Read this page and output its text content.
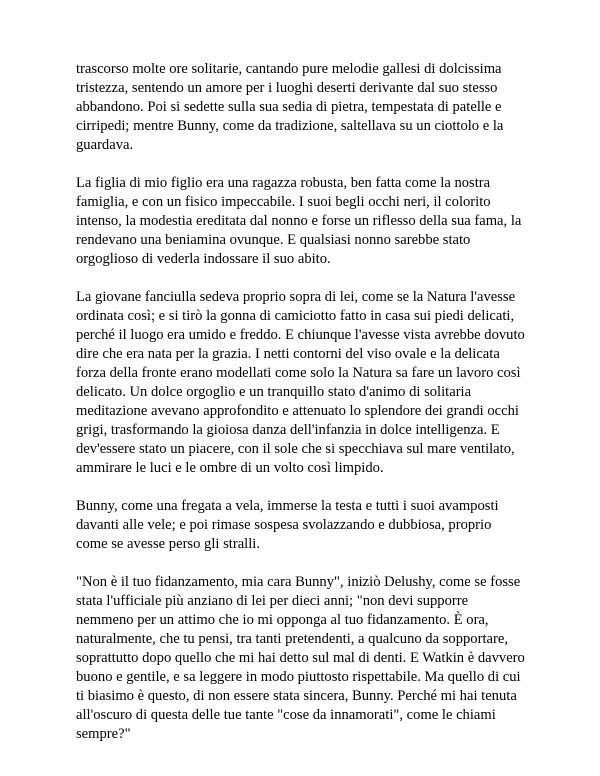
trascorso molte ore solitarie, cantando pure melodie gallesi di dolcissima tristezza, sentendo un amore per i luoghi deserti derivante dal suo stesso abbandono. Poi si sedette sulla sua sedia di pietra, tempestata di patelle e cirripedi; mentre Bunny, come da tradizione, saltellava su un ciottolo e la guardava.

La figlia di mio figlio era una ragazza robusta, ben fatta come la nostra famiglia, e con un fisico impeccabile. I suoi begli occhi neri, il colorito intenso, la modestia ereditata dal nonno e forse un riflesso della sua fama, la rendevano una beniamina ovunque. E qualsiasi nonno sarebbe stato orgoglioso di vederla indossare il suo abito.

La giovane fanciulla sedeva proprio sopra di lei, come se la Natura l'avesse ordinata così; e si tirò la gonna di camiciotto fatto in casa sui piedi delicati, perché il luogo era umido e freddo. E chiunque l'avesse vista avrebbe dovuto dire che era nata per la grazia. I netti contorni del viso ovale e la delicata forza della fronte erano modellati come solo la Natura sa fare un lavoro così delicato. Un dolce orgoglio e un tranquillo stato d'animo di solitaria meditazione avevano approfondito e attenuato lo splendore dei grandi occhi grigi, trasformando la gioiosa danza dell'infanzia in dolce intelligenza. E dev'essere stato un piacere, con il sole che si specchiava sul mare ventilato, ammirare le luci e le ombre di un volto così limpido.

Bunny, come una fregata a vela, immerse la testa e tutti i suoi avamposti davanti alle vele; e poi rimase sospesa svolazzando e dubbiosa, proprio come se avesse perso gli stralli.

"Non è il tuo fidanzamento, mia cara Bunny", iniziò Delushy, come se fosse stata l'ufficiale più anziano di lei per dieci anni; "non devi supporre nemmeno per un attimo che io mi opponga al tuo fidanzamento. È ora, naturalmente, che tu pensi, tra tanti pretendenti, a qualcuno da sopportare, soprattutto dopo quello che mi hai detto sul mal di denti. E Watkin è davvero buono e gentile, e sa leggere in modo piuttosto rispettabile. Ma quello di cui ti biasimo è questo, di non essere stata sincera, Bunny. Perché mi hai tenuta all'oscuro di questa delle tue tante "cose da innamorati", come le chiami sempre?"
